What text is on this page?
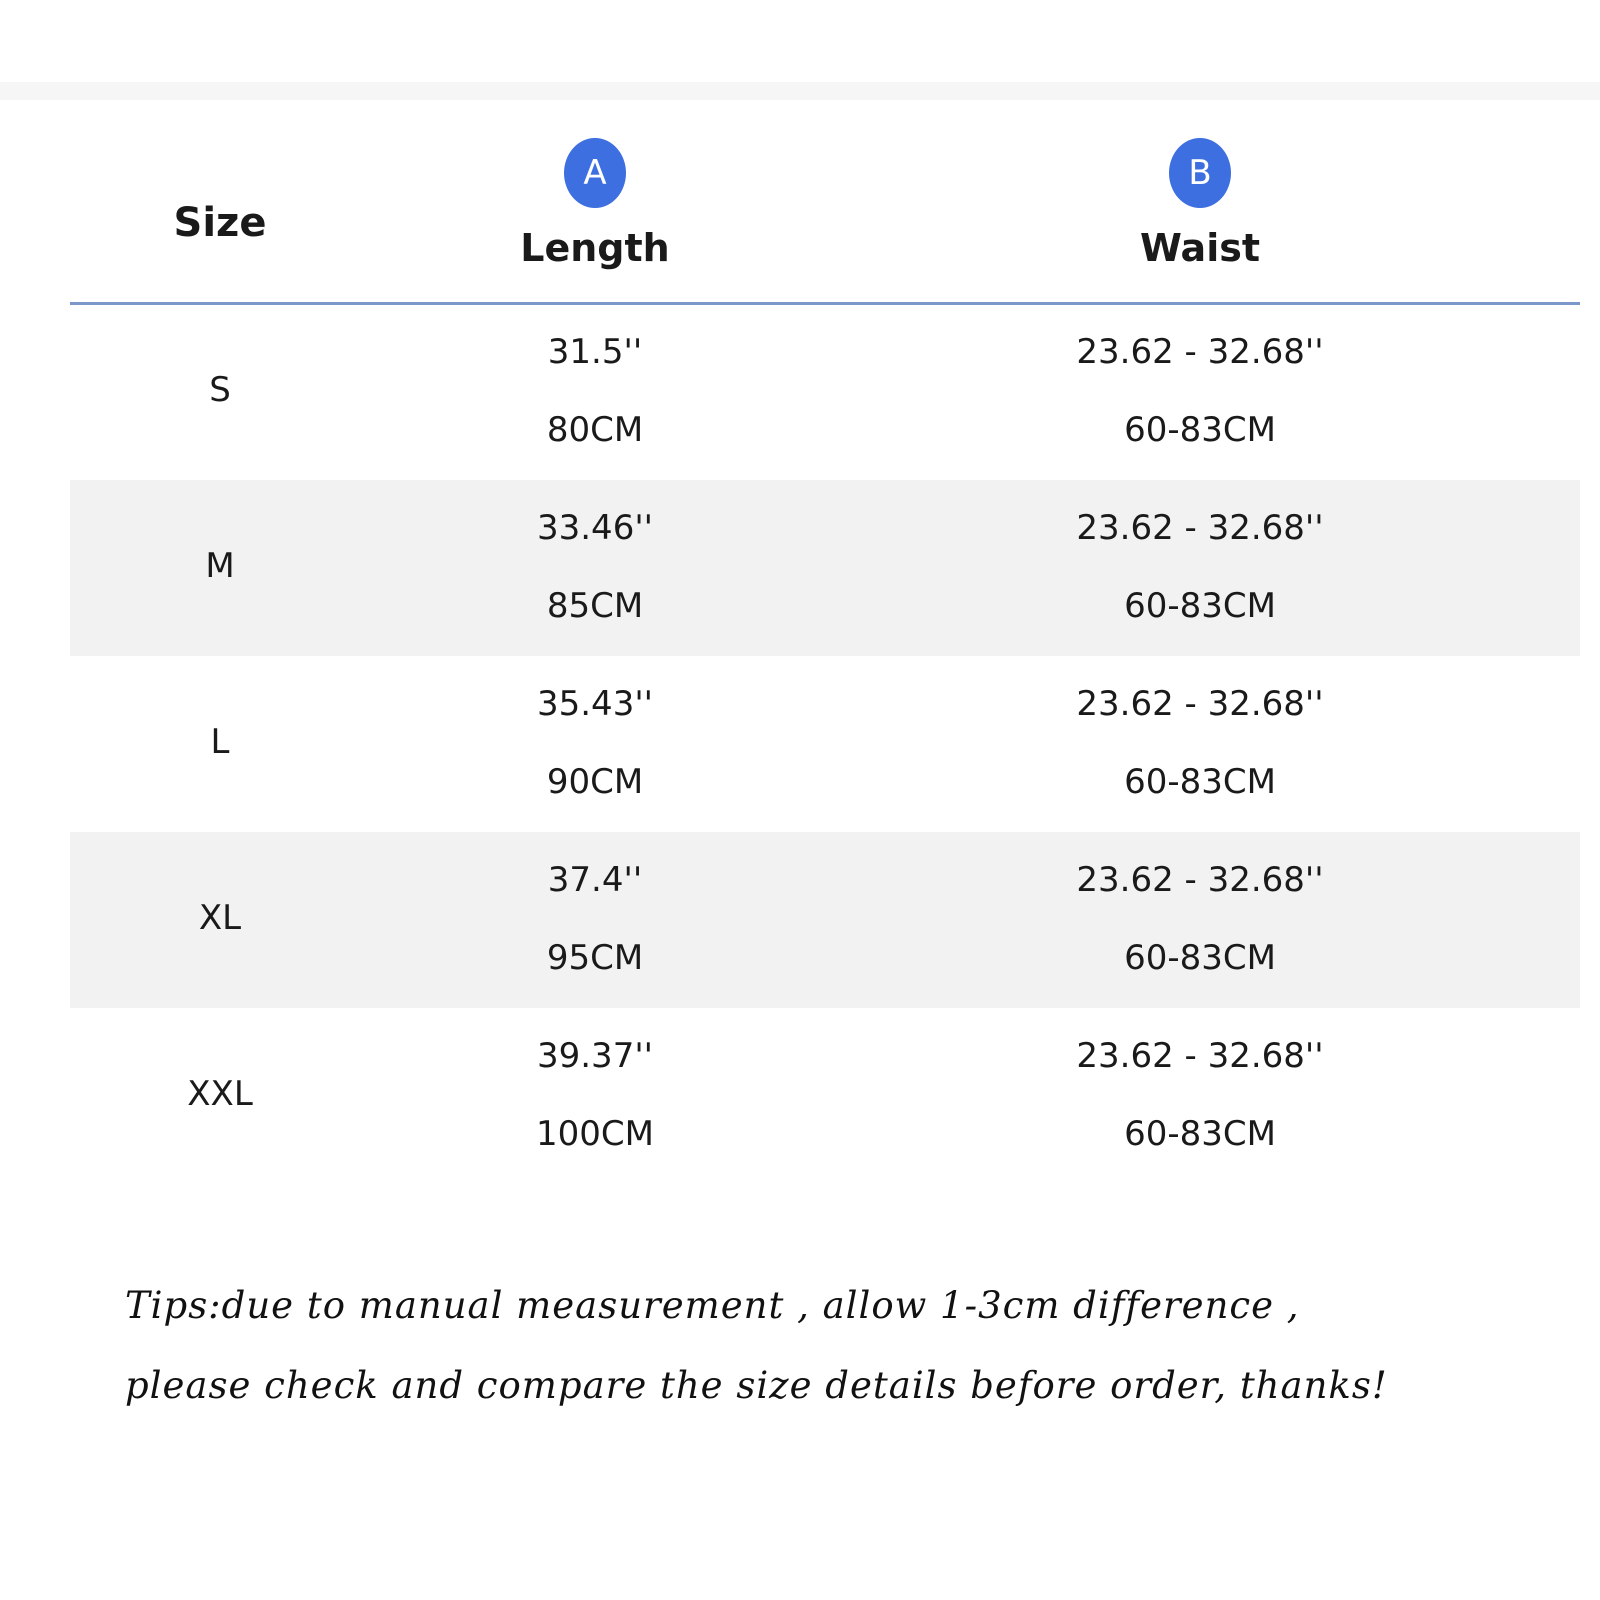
Size
A
Length
B
Waist
S
31.5''
80CM
23.62 - 32.68''
60-83CM
M
33.46''
85CM
23.62 - 32.68''
60-83CM
L
35.43''
90CM
23.62 - 32.68''
60-83CM
XL
37.4''
95CM
23.62 - 32.68''
60-83CM
XXL
39.37''
100CM
23.62 - 32.68''
60-83CM
Tips:due to manual measurement , allow 1-3cm difference ,
please check and compare the size details before order, thanks!
